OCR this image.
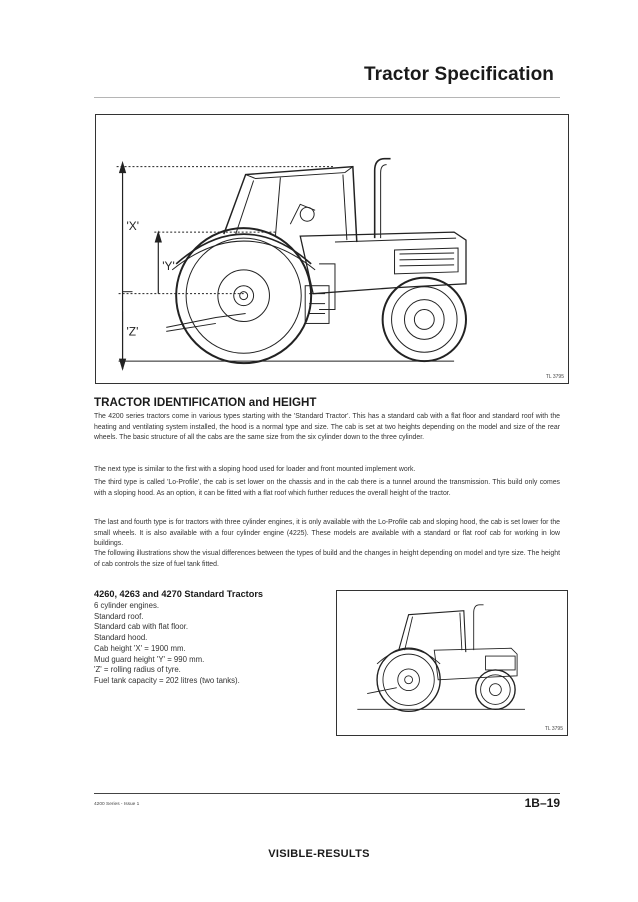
Tractor Specification
'X'
'Y'
'Z'
TL 3795
TRACTOR IDENTIFICATION and HEIGHT

The 4200 series tractors come in various types starting with the 'Standard Tractor'. This has a standard cab with a flat floor and standard roof with the heating and ventilating system installed, the hood is a normal type and size. The cab is set at two heights depending on the model and size of the rear wheels. The basic structure of all the cabs are the same size from the six cylinder down to the three cylinder.

The next type is similar to the first with a sloping hood used for loader and front mounted implement work.

The third type is called 'Lo-Profile', the cab is set lower on the chassis and in the cab there is a tunnel around the transmission. This build only comes with a sloping hood. As an option, it can be fitted with a flat roof which further reduces the overall height of the tractor.

The last and fourth type is for tractors with three cylinder engines, it is only available with the Lo-Profile cab and sloping hood, the cab is set lower for the small wheels. It is also available with a four cylinder engine (4225). These models are available with a standard or flat roof cab for working in low buildings.

The following illustrations show the visual differences between the types of build and the changes in height depending on model and tyre size. The height of cab controls the size of fuel tank fitted.

4260, 4263 and 4270 Standard Tractors
6 cylinder engines.
Standard roof.
Standard cab with flat floor.
Standard hood.
Cab height 'X' = 1900 mm.
Mud guard height 'Y' = 990 mm.
'Z' = rolling radius of tyre.
Fuel tank capacity = 202 litres (two tanks).
TL 3795
4200 Series - Issue 1	1B–19
VISIBLE-RESULTS
